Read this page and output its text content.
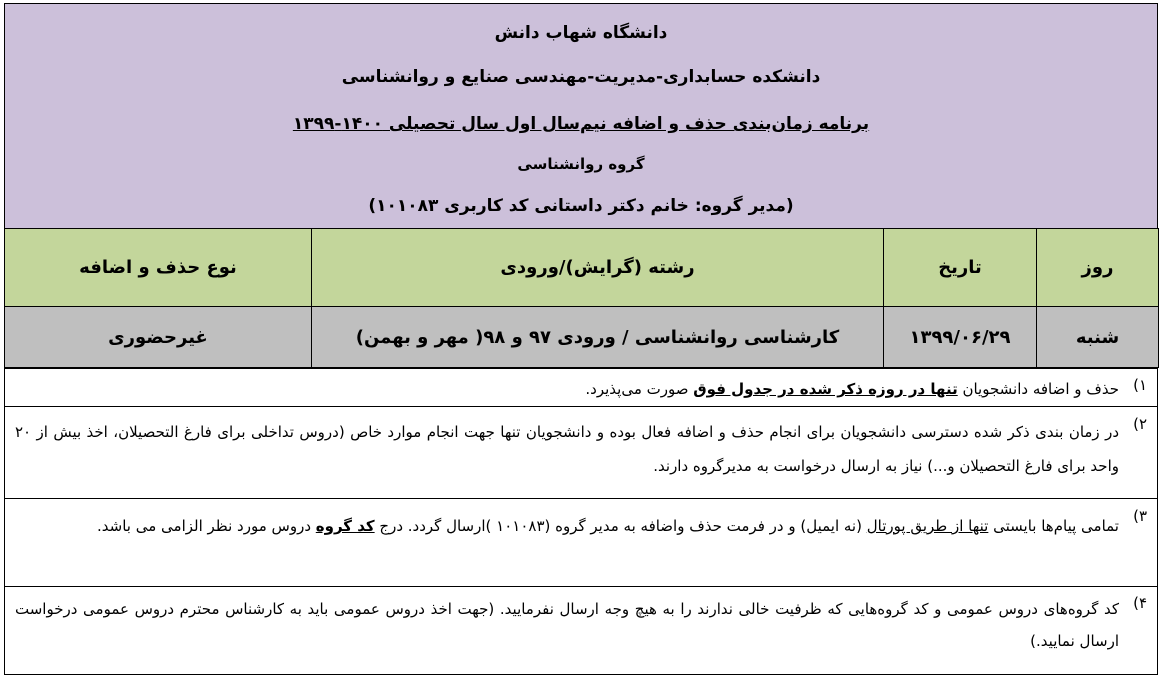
دانشگاه شهاب دانش
دانشکده حسابداری-مدیریت-مهندسی صنایع و روانشناسی
برنامه زمان‌بندی حذف و اضافه نیم‌سال اول سال تحصیلی ۱۴۰۰-۱۳۹۹
گروه روانشناسی
(مدیر گروه: خانم دکتر داستانی کد کاربری ۱۰۱۰۸۳)
روز	تاریخ	رشته (گرایش)/ورودی	نوع حذف و اضافه
شنبه	۱۳۹۹/۰۶/۲۹	کارشناسی روانشناسی / ورودی ۹۷ و ۹۸( مهر و بهمن)	غیرحضوری
۱)
حذف و اضافه دانشجویان تنها در روزه ذکر شده در جدول فوق صورت می‌پذیرد.
۲)
در زمان بندی ذکر شده دسترسی دانشجویان برای انجام حذف و اضافه فعال بوده و دانشجویان تنها جهت انجام موارد خاص (دروس تداخلی برای فارغ التحصیلان، اخذ بیش از ۲۰ واحد برای فارغ التحصیلان و...) نیاز به ارسال درخواست به مدیرگروه دارند.
۳)
تمامی پیام‌ها بایستی تنها از طریق پورتال (نه ایمیل) و در فرمت حذف واضافه به مدیر گروه (۱۰۱۰۸۳ )ارسال گردد. درج کد گروه دروس مورد نظر الزامی می باشد.
۴)
کد گروه‌های دروس عمومی و کد گروه‌هایی که ظرفیت خالی ندارند را به هیچ وجه ارسال نفرمایید. (جهت اخذ دروس عمومی باید به کارشناس محترم دروس عمومی درخواست ارسال نمایید.)
